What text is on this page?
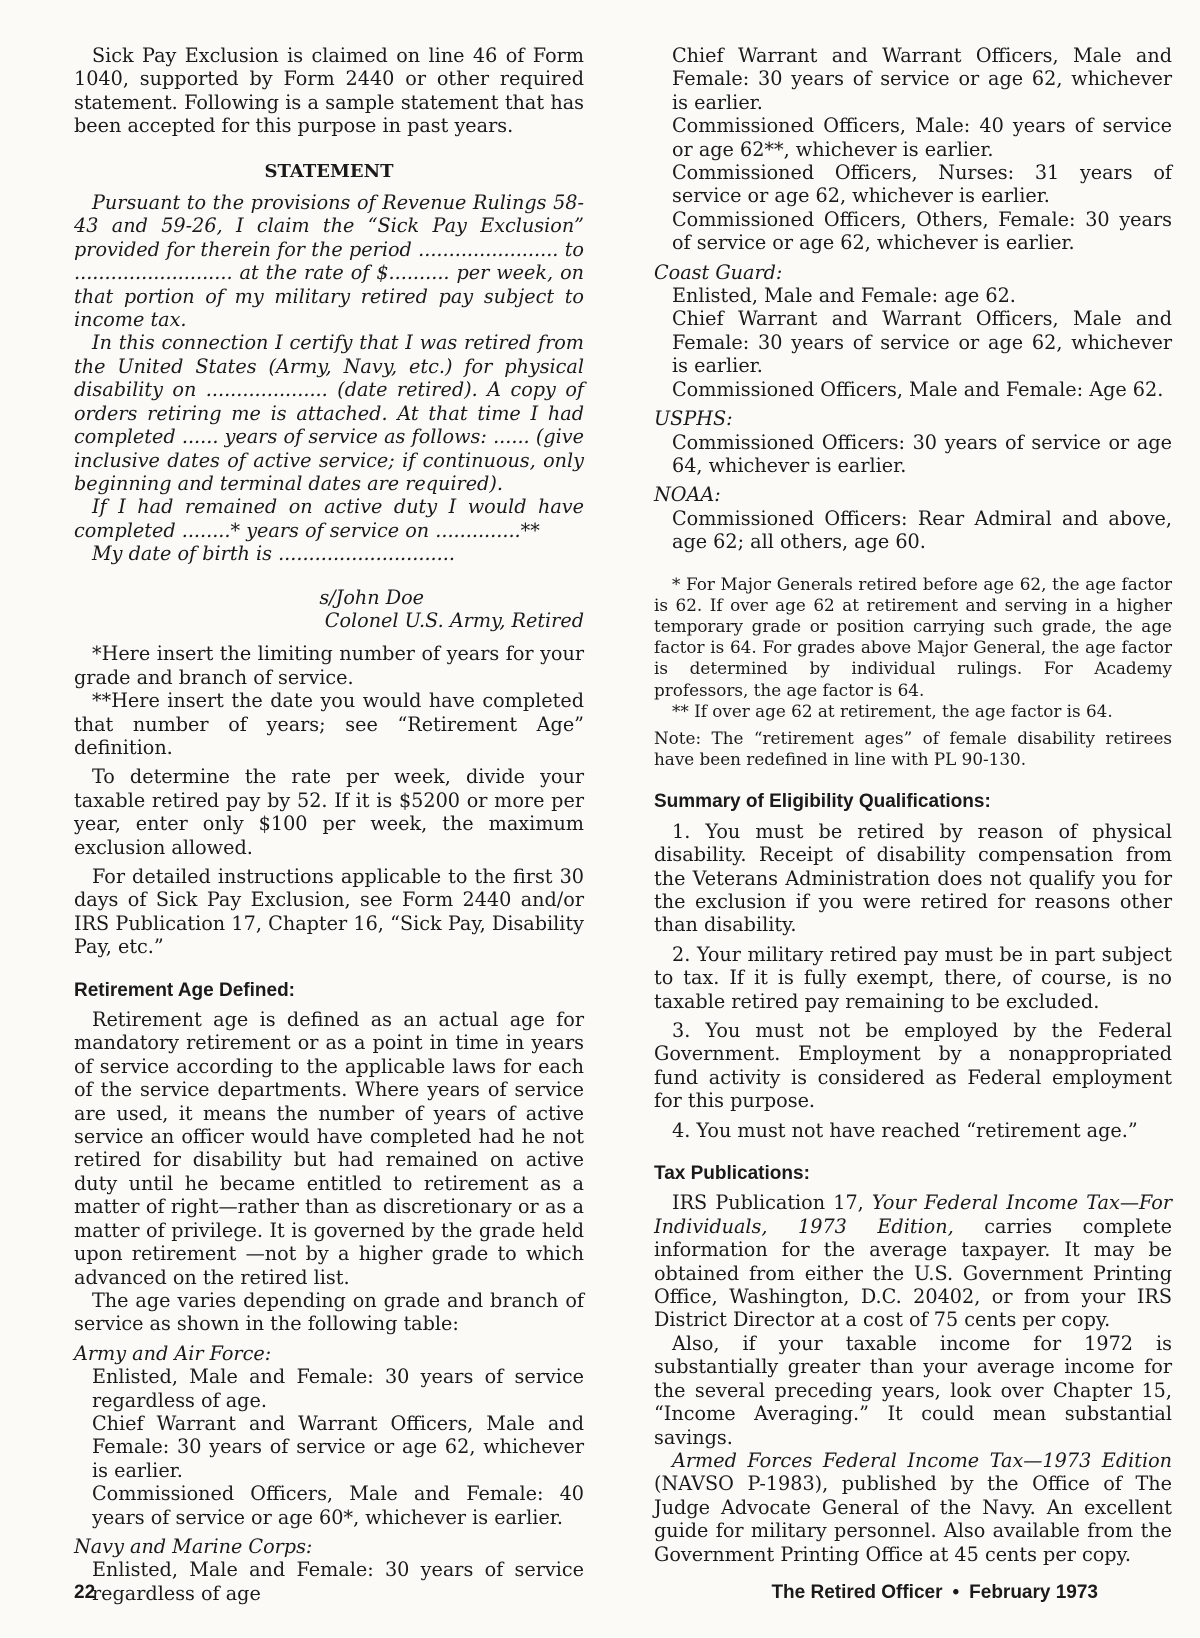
Sick Pay Exclusion is claimed on line 46 of Form 1040, supported by Form 2440 or other required statement. Following is a sample statement that has been accepted for this purpose in past years.

STATEMENT

Pursuant to the provisions of Revenue Rulings 58-43 and 59-26, I claim the “Sick Pay Exclusion” provided for therein for the period ....................... to .......................... at the rate of $.......... per week, on that portion of my military retired pay subject to income tax.

In this connection I certify that I was retired from the United States (Army, Navy, etc.) for physical disability on .................... (date retired). A copy of orders retiring me is attached. At that time I had completed ...... years of service as follows: ...... (give inclusive dates of active service; if continuous, only beginning and terminal dates are required).

If I had remained on active duty I would have completed ........* years of service on ..............**

My date of birth is .............................

s/John Doe
Colonel U.S. Army, Retired

*Here insert the limiting number of years for your grade and branch of service.

**Here insert the date you would have completed that number of years; see “Retirement Age” definition.

To determine the rate per week, divide your taxable retired pay by 52. If it is $5200 or more per year, enter only $100 per week, the maximum exclusion allowed.

For detailed instructions applicable to the first 30 days of Sick Pay Exclusion, see Form 2440 and/or IRS Publication 17, Chapter 16, “Sick Pay, Disability Pay, etc.”

Retirement Age Defined:

Retirement age is defined as an actual age for mandatory retirement or as a point in time in years of service according to the applicable laws for each of the service departments. Where years of service are used, it means the number of years of active service an officer would have completed had he not retired for disability but had remained on active duty until he became entitled to retirement as a matter of right—rather than as discretionary or as a matter of privilege. It is governed by the grade held upon retirement —not by a higher grade to which advanced on the retired list.

The age varies depending on grade and branch of service as shown in the following table:

Army and Air Force:
Enlisted, Male and Female: 30 years of service regardless of age.
Chief Warrant and Warrant Officers, Male and Female: 30 years of service or age 62, whichever is earlier.
Commissioned Officers, Male and Female: 40 years of service or age 60*, whichever is earlier.
Navy and Marine Corps:
Enlisted, Male and Female: 30 years of service regardless of age
Chief Warrant and Warrant Officers, Male and Female: 30 years of service or age 62, whichever is earlier.
Commissioned Officers, Male: 40 years of service or age 62**, whichever is earlier.
Commissioned Officers, Nurses: 31 years of service or age 62, whichever is earlier.
Commissioned Officers, Others, Female: 30 years of service or age 62, whichever is earlier.
Coast Guard:
Enlisted, Male and Female: age 62.
Chief Warrant and Warrant Officers, Male and Female: 30 years of service or age 62, whichever is earlier.
Commissioned Officers, Male and Female: Age 62.
USPHS:
Commissioned Officers: 30 years of service or age 64, whichever is earlier.
NOAA:
Commissioned Officers: Rear Admiral and above, age 62; all others, age 60.

* For Major Generals retired before age 62, the age factor is 62. If over age 62 at retirement and serving in a higher temporary grade or position carrying such grade, the age factor is 64. For grades above Major General, the age factor is determined by individual rulings. For Academy professors, the age factor is 64.

** If over age 62 at retirement, the age factor is 64.

Note: The “retirement ages” of female disability retirees have been redefined in line with PL 90-130.

Summary of Eligibility Qualifications:

1. You must be retired by reason of physical disability. Receipt of disability compensation from the Veterans Administration does not qualify you for the exclusion if you were retired for reasons other than disability.

2. Your military retired pay must be in part subject to tax. If it is fully exempt, there, of course, is no taxable retired pay remaining to be excluded.

3. You must not be employed by the Federal Government. Employment by a nonappropriated fund activity is considered as Federal employment for this purpose.

4. You must not have reached “retirement age.”

Tax Publications:

IRS Publication 17, Your Federal Income Tax—For Individuals, 1973 Edition, carries complete information for the average taxpayer. It may be obtained from either the U.S. Government Printing Office, Washington, D.C. 20402, or from your IRS District Director at a cost of 75 cents per copy.

Also, if your taxable income for 1972 is substantially greater than your average income for the several preceding years, look over Chapter 15, “Income Averaging.” It could mean substantial savings.

Armed Forces Federal Income Tax—1973 Edition (NAVSO P-1983), published by the Office of The Judge Advocate General of the Navy. An excellent guide for military personnel. Also available from the Government Printing Office at 45 cents per copy.

22	The Retired Officer • February 1973
